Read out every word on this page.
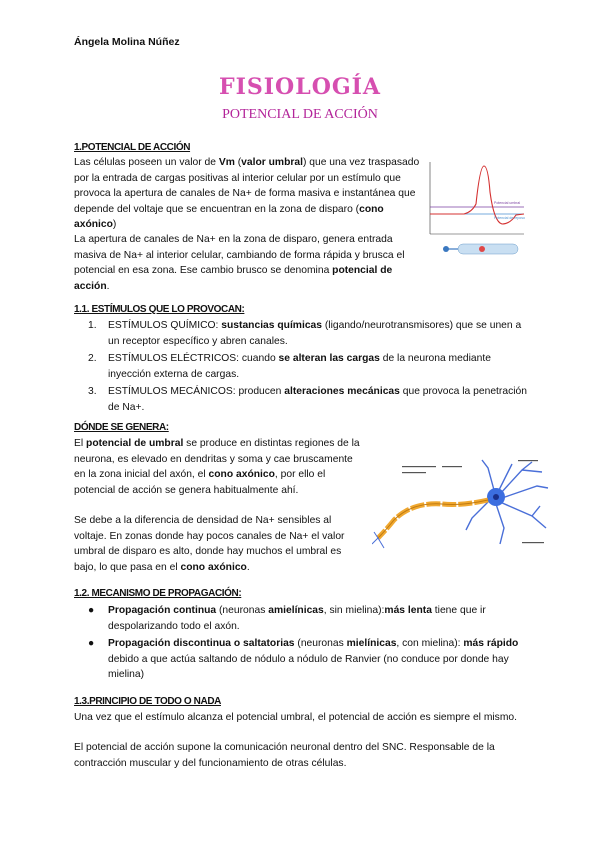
Ángela Molina Núñez
FISIOLOGÍA
POTENCIAL DE ACCIÓN
1.POTENCIAL DE ACCIÓN
Las células poseen un valor de Vm (valor umbral) que una vez traspasado por la entrada de cargas positivas al interior celular por un estímulo que provoca la apertura de canales de Na+ de forma masiva e instantánea que depende del voltaje que se encuentran en la zona de disparo (cono axónico)
La apertura de canales de Na+ en la zona de disparo, genera entrada masiva de Na+ al interior celular, cambiando de forma rápida y brusca el potencial en esa zona. Ese cambio brusco se denomina potencial de acción.
Potencial umbral
Potencial de reposo
1.1. ESTÍMULOS QUE LO PROVOCAN:
1. ESTÍMULOS QUÍMICO: sustancias químicas (ligando/neurotransmisores) que se unen a un receptor específico y abren canales.
2. ESTÍMULOS ELÉCTRICOS: cuando se alteran las cargas de la neurona mediante inyección externa de cargas.
3. ESTÍMULOS MECÁNICOS: producen alteraciones mecánicas que provoca la penetración de Na+.
DÓNDE SE GENERA:
El potencial de umbral se produce en distintas regiones de la neurona, es elevado en dendritas y soma y cae bruscamente en la zona inicial del axón, el cono axónico, por ello el potencial de acción se genera habitualmente ahí.
Se debe a la diferencia de densidad de Na+ sensibles al voltaje. En zonas donde hay pocos canales de Na+ el valor umbral de disparo es alto, donde hay muchos el umbral es bajo, lo que pasa en el cono axónico.
1.2. MECANISMO DE PROPAGACIÓN:
● Propagación continua (neuronas amielínicas, sin mielina):más lenta tiene que ir despolarizando todo el axón.
● Propagación discontinua o saltatorias (neuronas mielínicas, con mielina): más rápido debido a que actúa saltando de nódulo a nódulo de Ranvier (no conduce por donde hay mielina)
1.3.PRINCIPIO DE TODO O NADA
Una vez que el estímulo alcanza el potencial umbral, el potencial de acción es siempre el mismo.
El potencial de acción supone la comunicación neuronal dentro del SNC. Responsable de la contracción muscular y del funcionamiento de otras células.
